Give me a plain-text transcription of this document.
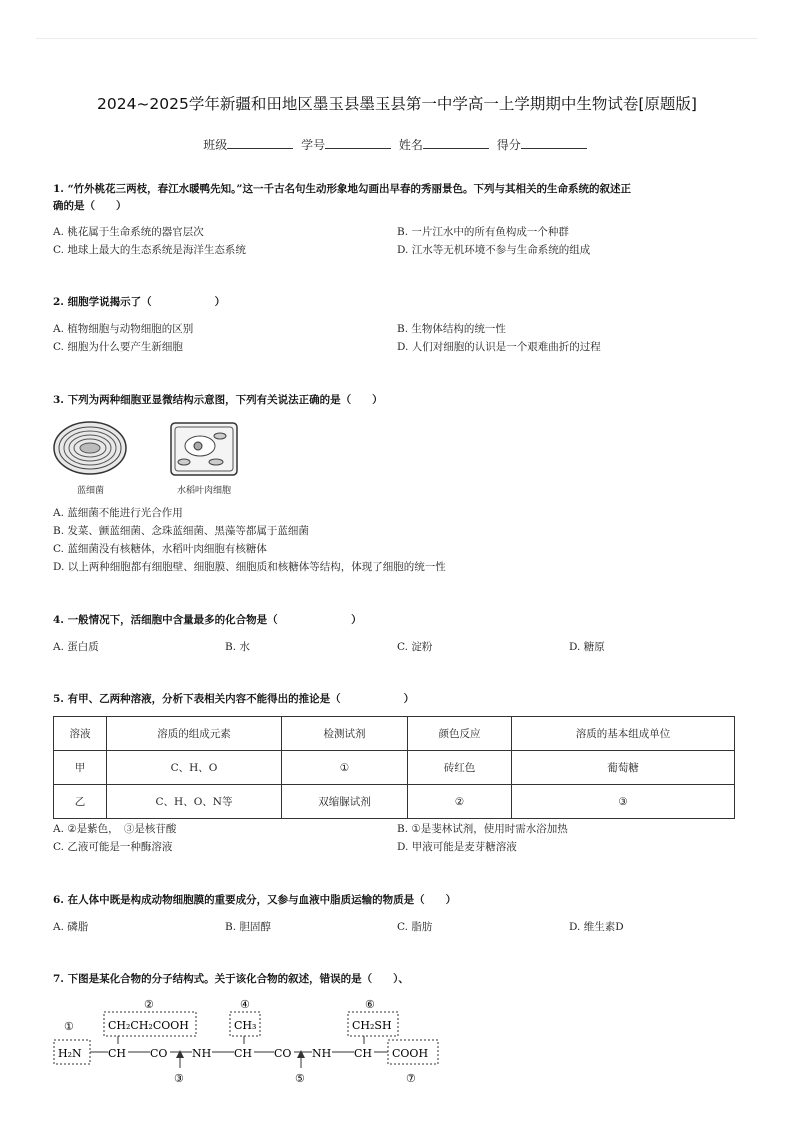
2024~2025学年新疆和田地区墨玉县墨玉县第一中学高一上学期期中生物试卷[原题版]
班级	学号	姓名	得分
1. “竹外桃花三两枝，春江水暖鸭先知。”这一千古名句生动形象地勾画出早春的秀丽景色。下列与其相关的生命系统的叙述正
确的是（　　）
A. 桃花属于生命系统的器官层次	B. 一片江水中的所有鱼构成一个种群
C. 地球上最大的生态系统是海洋生态系统	D. 江水等无机环境不参与生命系统的组成
2. 细胞学说揭示了（　　　　　　）
A. 植物细胞与动物细胞的区别	B. 生物体结构的统一性
C. 细胞为什么要产生新细胞	D. 人们对细胞的认识是一个艰难曲折的过程
3. 下列为两种细胞亚显微结构示意图，下列有关说法正确的是（　　）
蓝细菌	水稻叶肉细胞
A. 蓝细菌不能进行光合作用
B. 发菜、颤蓝细菌、念珠蓝细菌、黑藻等都属于蓝细菌
C. 蓝细菌没有核糖体，水稻叶肉细胞有核糖体
D. 以上两种细胞都有细胞壁、细胞膜、细胞质和核糖体等结构，体现了细胞的统一性
4. 一般情况下，活细胞中含量最多的化合物是（　　　　　　　）
A. 蛋白质	B. 水	C. 淀粉	D. 糖原
5. 有甲、乙两种溶液，分析下表相关内容不能得出的推论是（　　　　　　）
溶液	溶质的组成元素	检测试剂	颜色反应	溶质的基本组成单位
甲	C、H、O	①	砖红色	葡萄糖
乙	C、H、O、N等	双缩脲试剂	②	③
A. ②是紫色，　③是核苷酸	B. ①是斐林试剂，使用时需水浴加热
C. 乙液可能是一种酶溶液	D. 甲液可能是麦芽糖溶液
6. 在人体中既是构成动物细胞膜的重要成分，又参与血液中脂质运输的物质是（　　）
A. 磷脂	B. 胆固醇	C. 脂肪	D. 维生素D
7. 下图是某化合物的分子结构式。关于该化合物的叙述，错误的是（　　）、
①
②	④	⑥
③	⑤	⑦
H₂N
CH₂CH₂COOH	CH₃	CH₂SH
COOH
CH CO NH CH CO NH CH
